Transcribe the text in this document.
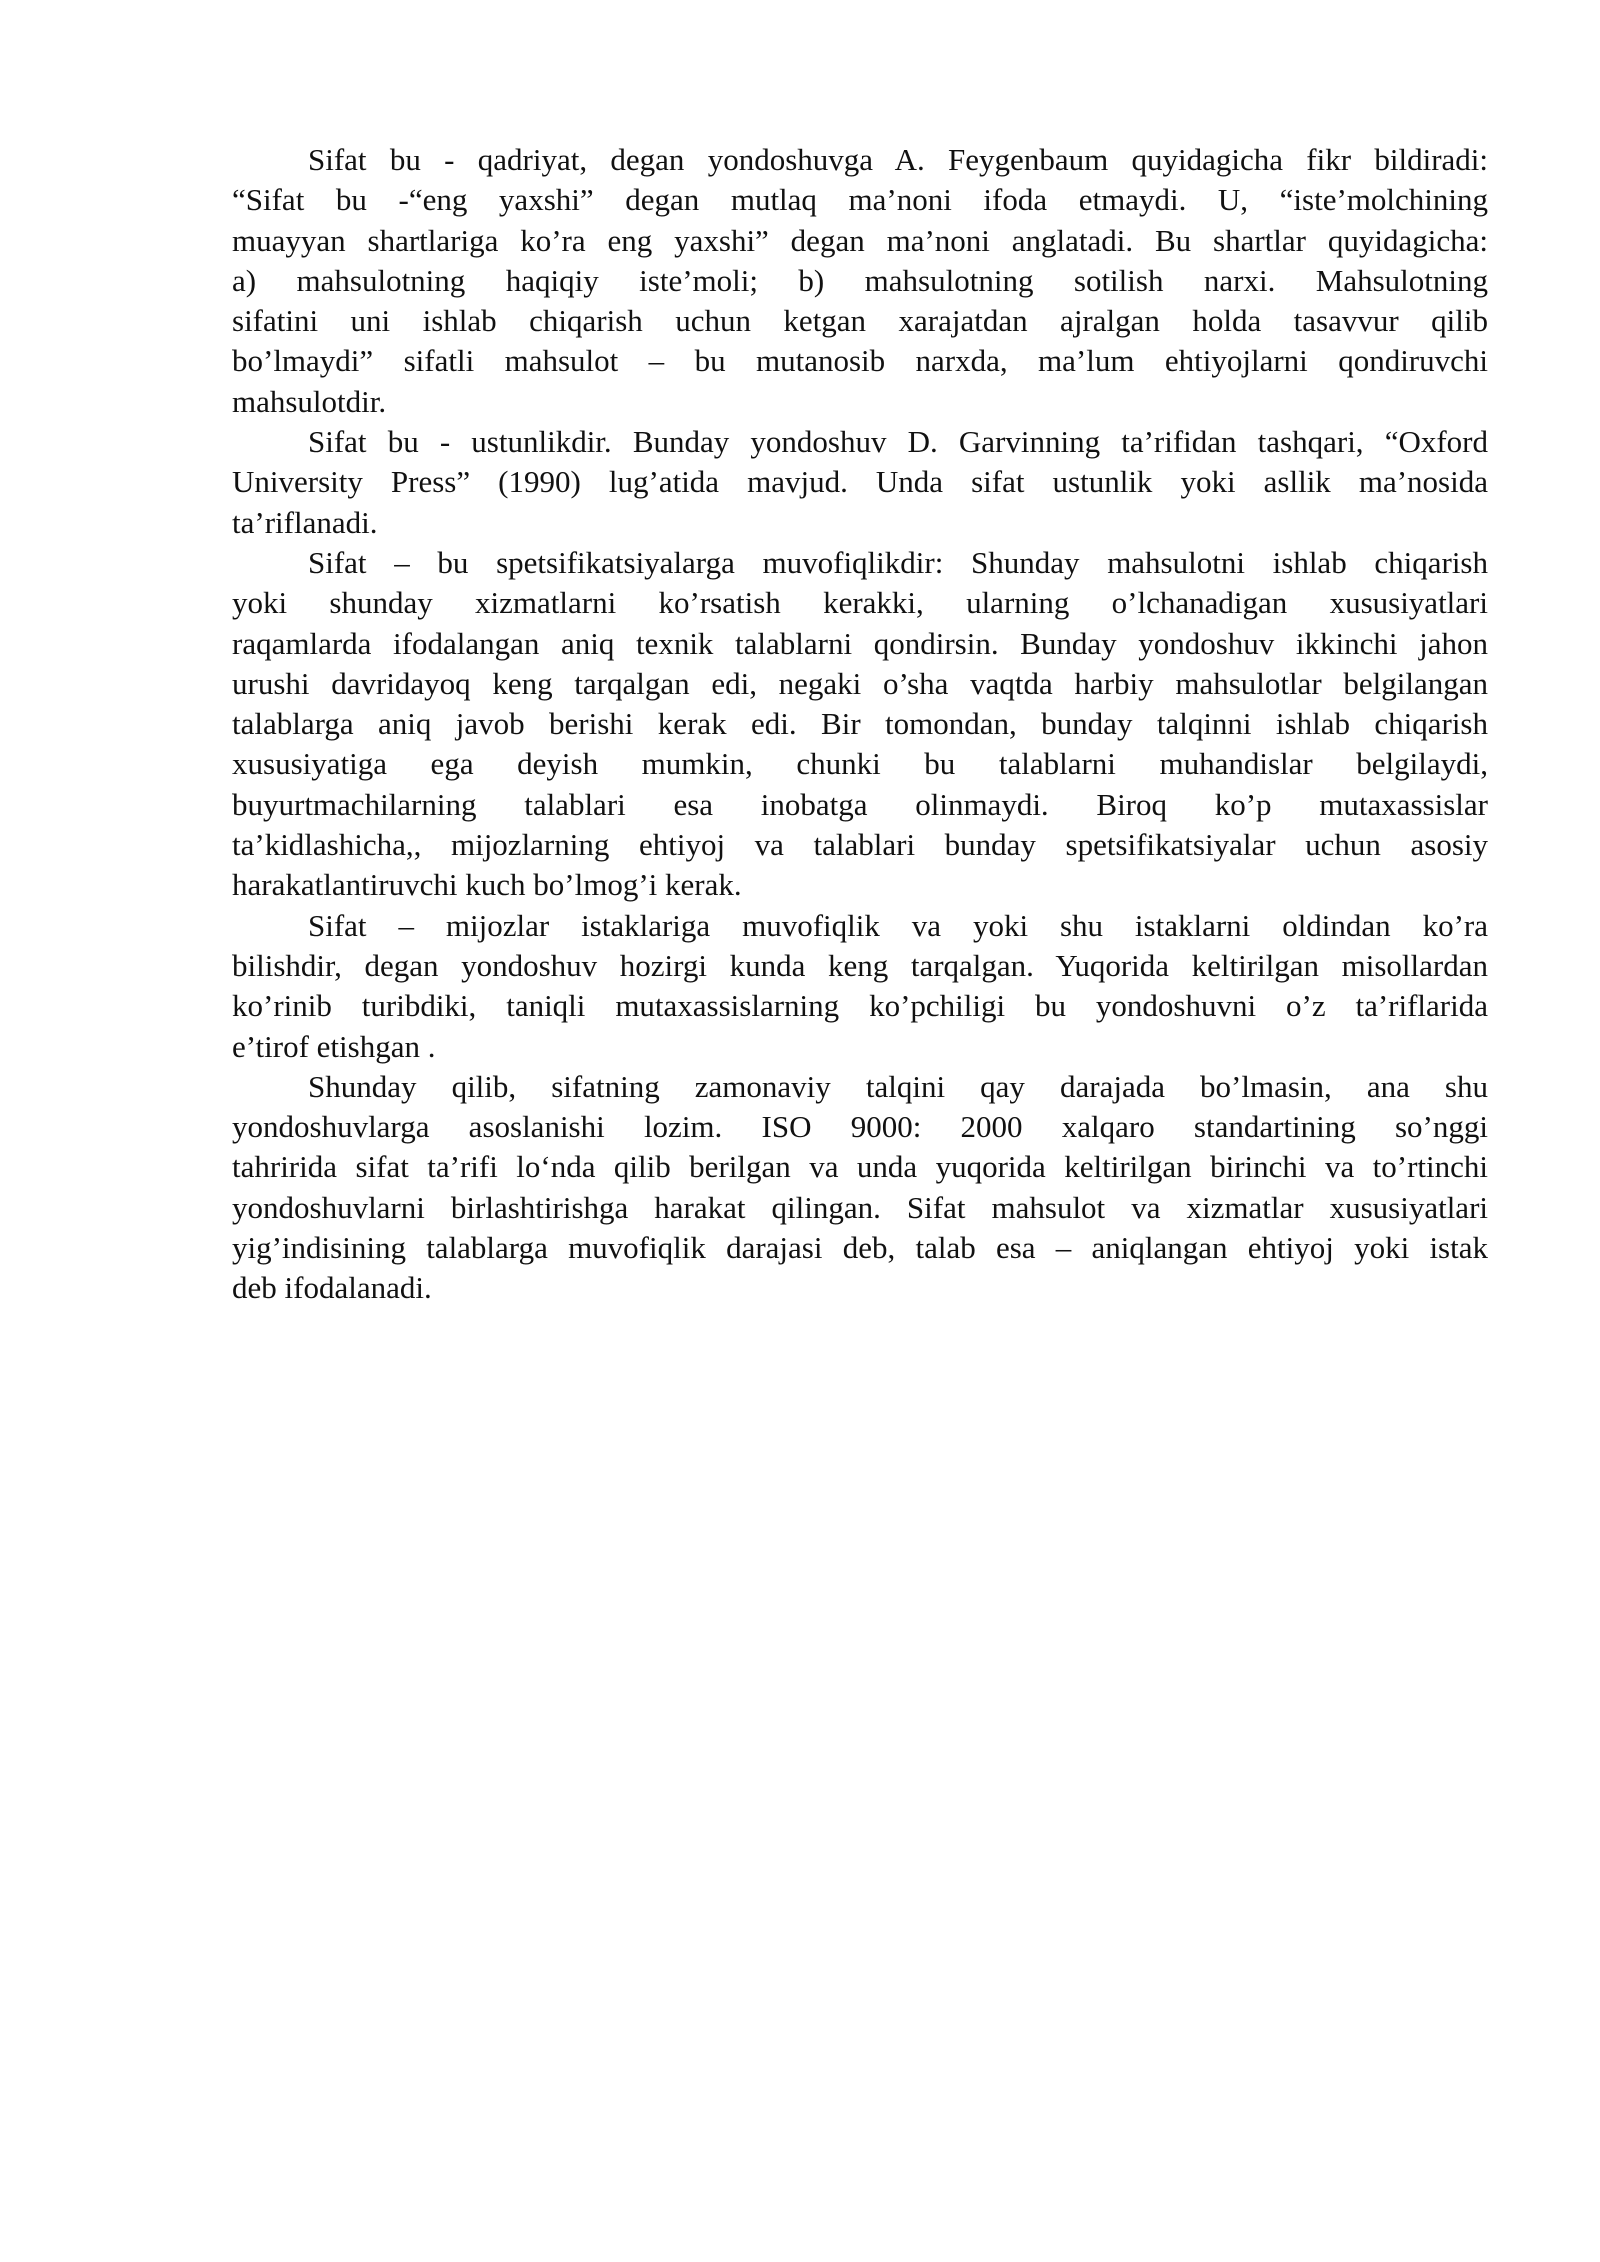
Sifat bu - qadriyat, degan yondoshuvga A. Feygenbaum quyidagicha fikr bildiradi:
“Sifat bu -“eng yaxshi” degan mutlaq ma’noni ifoda etmaydi. U, “iste’molchining
muayyan shartlariga ko’ra eng yaxshi” degan ma’noni anglatadi. Bu shartlar quyidagicha:
a) mahsulotning haqiqiy iste’moli; b) mahsulotning sotilish narxi. Mahsulotning
sifatini uni ishlab chiqarish uchun ketgan xarajatdan ajralgan holda tasavvur qilib
bo’lmaydi” sifatli mahsulot – bu mutanosib narxda, ma’lum ehtiyojlarni qondiruvchi
mahsulotdir.

Sifat bu - ustunlikdir. Bunday yondoshuv D. Garvinning ta’rifidan tashqari, “Oxford
University Press” (1990) lug’atida mavjud. Unda sifat ustunlik yoki asllik ma’nosida
ta’riflanadi.

Sifat – bu spetsifikatsiyalarga muvofiqlikdir: Shunday mahsulotni ishlab chiqarish
yoki shunday xizmatlarni ko’rsatish kerakki, ularning o’lchanadigan xususiyatlari
raqamlarda ifodalangan aniq texnik talablarni qondirsin. Bunday yondoshuv ikkinchi jahon
urushi davridayoq keng tarqalgan edi, negaki o’sha vaqtda harbiy mahsulotlar belgilangan
talablarga aniq javob berishi kerak edi. Bir tomondan, bunday talqinni ishlab chiqarish
xususiyatiga ega deyish mumkin, chunki bu talablarni muhandislar belgilaydi,
buyurtmachilarning talablari esa inobatga olinmaydi. Biroq ko’p mutaxassislar
ta’kidlashicha,, mijozlarning ehtiyoj va talablari bunday spetsifikatsiyalar uchun asosiy
harakatlantiruvchi kuch bo’lmog’i kerak.

Sifat – mijozlar istaklariga muvofiqlik va yoki shu istaklarni oldindan ko’ra
bilishdir, degan yondoshuv hozirgi kunda keng tarqalgan. Yuqorida keltirilgan misollardan
ko’rinib turibdiki, taniqli mutaxassislarning ko’pchiligi bu yondoshuvni o’z ta’riflarida
e’tirof etishgan .

Shunday qilib, sifatning zamonaviy talqini qay darajada bo’lmasin, ana shu
yondoshuvlarga asoslanishi lozim. ISO 9000: 2000 xalqaro standartining so’nggi
tahririda sifat ta’rifi lo‘nda qilib berilgan va unda yuqorida keltirilgan birinchi va to’rtinchi
yondoshuvlarni birlashtirishga harakat qilingan. Sifat mahsulot va xizmatlar xususiyatlari
yig’indisining talablarga muvofiqlik darajasi deb, talab esa – aniqlangan ehtiyoj yoki istak
deb ifodalanadi.
